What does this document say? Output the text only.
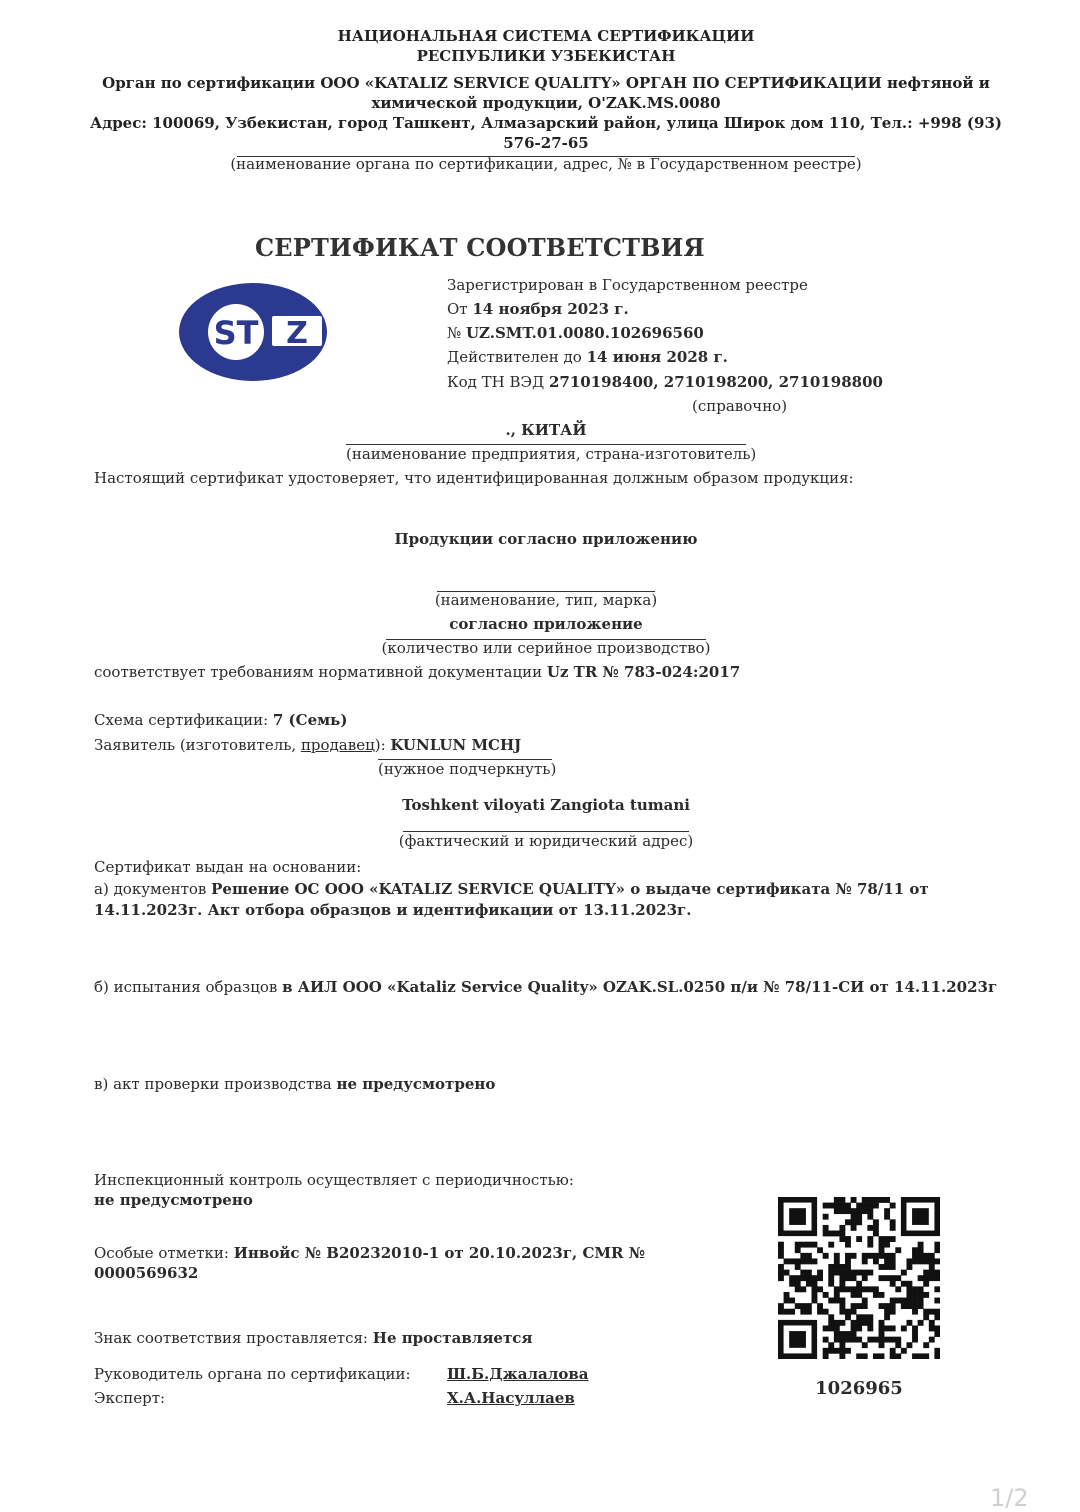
НАЦИОНАЛЬНАЯ СИСТЕМА СЕРТИФИКАЦИИ
РЕСПУБЛИКИ УЗБЕКИСТАН
Орган по сертификации ООО «KATALIZ SERVICE QUALITY» ОРГАН ПО СЕРТИФИКАЦИИ нефтяной и
химической продукции, O'ZAK.MS.0080
Адрес: 100069, Узбекистан, город Ташкент, Алмазарский район, улица Широк дом 110, Тел.: +998 (93)
576-27-65
(наименование органа по сертификации, адрес, № в Государственном реестре)
СЕРТИФИКАТ СООТВЕТСТВИЯ
ST Z
Зарегистрирован в Государственном реестре
От 14 ноября 2023 г.
№ UZ.SMT.01.0080.102696560
Действителен до 14 июня 2028 г.
Код ТН ВЭД 2710198400, 2710198200, 2710198800
(справочно)
., КИТАЙ
(наименование предприятия, страна-изготовитель)
Настоящий сертификат удостоверяет, что идентифицированная должным образом продукция:
Продукции согласно приложению
(наименование, тип, марка)
согласно приложение
(количество или серийное производство)
соответствует требованиям нормативной документации Uz TR № 783-024:2017
Схема сертификации: 7 (Семь)
Заявитель (изготовитель, продавец): KUNLUN MCHJ
(нужное подчеркнуть)
Toshkent viloyati Zangiota tumani
(фактический и юридический адрес)
Сертификат выдан на основании:
а) документов Решение ОС ООО «KATALIZ SERVICE QUALITY» о выдаче сертификата № 78/11 от
14.11.2023г. Акт отбора образцов и идентификации от 13.11.2023г.
б) испытания образцов в АИЛ ООО «Kataliz Service Quality» OZAK.SL.0250 п/и № 78/11-СИ от 14.11.2023г
в) акт проверки производства не предусмотрено
Инспекционный контроль осуществляет с периодичностью:
не предусмотрено
Особые отметки: Инвойс № B20232010-1 от 20.10.2023г, CMR №
0000569632
Знак соответствия проставляется: Не проставляется
Руководитель органа по сертификации: Ш.Б.Джалалова
Эксперт:	Х.А.Насуллаев	1026965
1/2
